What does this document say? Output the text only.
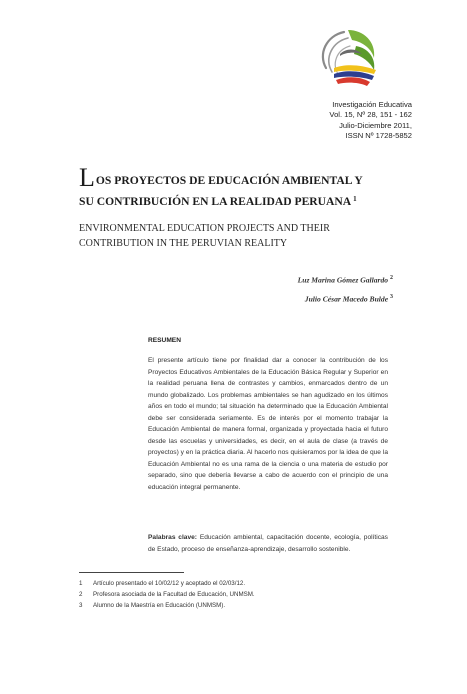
Investigación Educativa
Vol. 15, Nº 28, 151 - 162
Julio-Diciembre 2011,
ISSN Nº 1728-5852
LOS PROYECTOS DE EDUCACIÓN AMBIENTAL Y
SU CONTRIBUCIÓN EN LA REALIDAD PERUANA $^1$
ENVIRONMENTAL EDUCATION PROJECTS AND THEIR
CONTRIBUTION IN THE PERUVIAN REALITY
Luz Marina Gómez Gallardo $^2$
Julio César Macedo Bulde $^3$
RESUMEN
El presente artículo tiene por finalidad dar a conocer la contribución de los Proyectos Educativos Ambientales de la Educación Básica Regular y Superior en la realidad peruana llena de contrastes y cambios, enmarcados dentro de un mundo globalizado. Los problemas ambientales se han agudizado en los últimos años en todo el mundo; tal situación ha determinado que la Educación Ambiental debe ser considerada seriamente. Es de interés por el momento trabajar la Educación Ambiental de manera formal, organizada y proyectada hacia el futuro desde las escuelas y universidades, es decir, en el aula de clase (a través de proyectos) y en la práctica diaria. Al hacerlo nos quisieramos por la idea de que la Educación Ambiental no es una rama de la ciencia o una materia de estudio por separado, sino que debería llevarse a cabo de acuerdo con el principio de una educación integral permanente.
Palabras clave: Educación ambiental, capacitación docente, ecología, políticas de Estado, proceso de enseñanza-aprendizaje, desarrollo sostenible.
1 Artículo presentado el 10/02/12 y aceptado el 02/03/12.
2 Profesora asociada de la Facultad de Educación, UNMSM.
3 Alumno de la Maestría en Educación (UNMSM).
